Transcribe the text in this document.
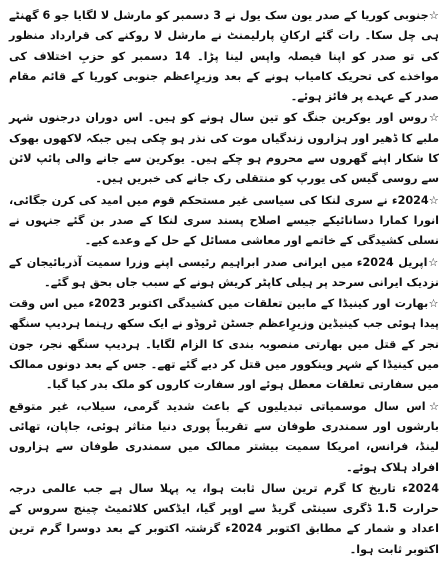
☆جنوبی کوریا کے صدر یون سک یول نے 3 دسمبر کو مارشل لا لگایا جو 6 گھنٹے ہی چل سکا۔ رات گئے ارکانِ پارلیمنٹ نے مارشل لا روکنے کی قرارداد منظور کی تو صدر کو اپنا فیصلہ واپس لینا پڑا۔ 14 دسمبر کو حزبِ اختلاف کی مواخذے کی تحریک کامیاب ہونے کے بعد وزیرِاعظم جنوبی کوریا کے قائم مقام صدر کے عہدے پر فائز ہوئے۔

☆روس اور یوکرین جنگ کو تین سال ہونے کو ہیں۔ اس دوران درجنوں شہر ملبے کا ڈھیر اور ہزاروں زندگیاں موت کی نذر ہو چکی ہیں جبکہ لاکھوں بھوک کا شکار اپنے گھروں سے محروم ہو چکے ہیں۔ یوکرین سے جانے والی پائپ لائن سے روسی گیس کی یورپ کو منتقلی رک جانے کی خبریں ہیں۔

☆2024ء نے سری لنکا کی سیاسی غیر مستحکم قوم میں امید کی کرن جگائی، انورا کمارا دسانائیکے جیسے اصلاح پسند سری لنکا کے صدر بن گئے جنہوں نے نسلی کشیدگی کے خاتمے اور معاشی مسائل کے حل کے وعدے کیے۔

☆اپریل 2024ء میں ایرانی صدر ابراہیم رئیسی اپنے وزرا سمیت آذربائیجان کے نزدیک ایرانی سرحد پر ہیلی کاپٹر کریش ہونے کے سبب جاں بحق ہو گئے۔

☆بھارت اور کینیڈا کے مابین تعلقات میں کشیدگی اکتوبر 2023ء میں اس وقت پیدا ہوئی جب کینیڈین وزیرِاعظم جسٹن ٹروڈو نے ایک سکھ رہنما ہردیپ سنگھ نجر کے قتل میں بھارتی منصوبہ بندی کا الزام لگایا۔ ہردیپ سنگھ نجر، جون میں کینیڈا کے شہر وینکوور میں قتل کر دیے گئے تھے۔ جس کے بعد دونوں ممالک میں سفارتی تعلقات معطل ہوئے اور سفارت کاروں کو ملک بدر کیا گیا۔

☆اس سال موسمیاتی تبدیلیوں کے باعث شدید گرمی، سیلاب، غیر متوقع بارشوں اور سمندری طوفان سے تقریباً پوری دنیا متاثر ہوئی، جاپان، تھائی لینڈ، فرانس، امریکا سمیت بیشتر ممالک میں سمندری طوفان سے ہزاروں افراد ہلاک ہوئے۔

2024ء تاریخ کا گرم ترین سال ثابت ہوا، یہ پہلا سال ہے جب عالمی درجہ حرارت 1.5 ڈگری سینٹی گریڈ سے اوپر گیا، ایڈکس کلائمیٹ چینج سروس کے اعداد و شمار کے مطابق اکتوبر 2024ء گزشتہ اکتوبر کے بعد دوسرا گرم ترین اکتوبر ثابت ہوا۔
